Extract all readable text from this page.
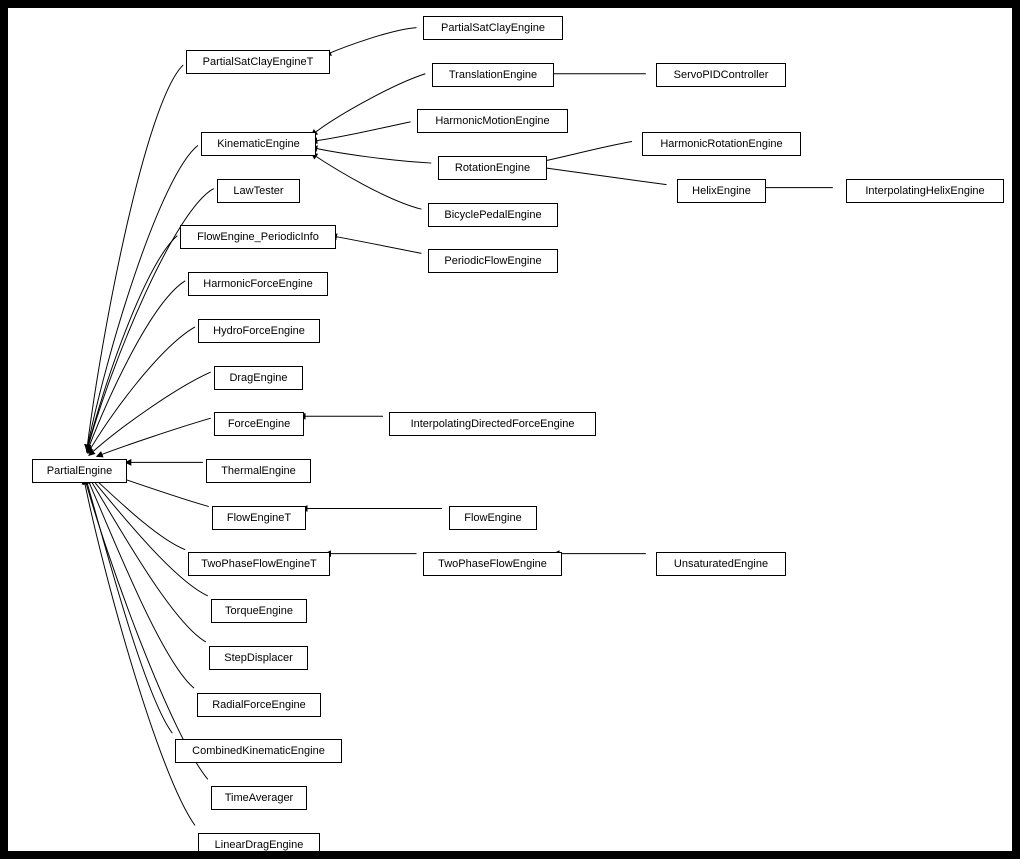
PartialSatClayEngine
PartialSatClayEngineT
TranslationEngine	ServoPIDController
HarmonicMotionEngine
KinematicEngine	HarmonicRotationEngine
RotationEngine
HelixEngine	InterpolatingHelixEngine
LawTester
BicyclePedalEngine
FlowEngine_PeriodicInfo
PeriodicFlowEngine
HarmonicForceEngine
HydroForceEngine
DragEngine
ForceEngine	InterpolatingDirectedForceEngine
PartialEngine	ThermalEngine
FlowEngineT	FlowEngine
TwoPhaseFlowEngineT	TwoPhaseFlowEngine	UnsaturatedEngine
TorqueEngine
StepDisplacer
RadialForceEngine
CombinedKinematicEngine
TimeAverager
LinearDragEngine
